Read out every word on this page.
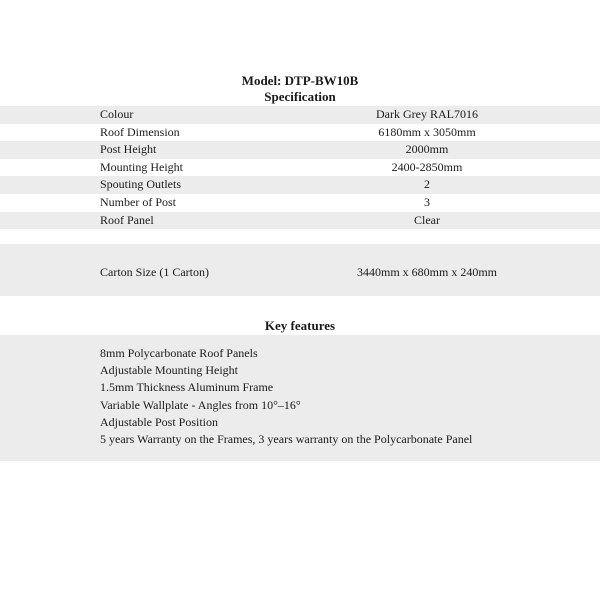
Model: DTP-BW10B
Specification
Colour	Dark Grey RAL7016
Roof Dimension	6180mm x 3050mm
Post Height	2000mm
Mounting Height	2400-2850mm
Spouting Outlets	2
Number of Post	3
Roof Panel	Clear
Carton Size (1 Carton)	3440mm x 680mm x 240mm
Key features
8mm Polycarbonate Roof Panels
Adjustable Mounting Height
1.5mm Thickness Aluminum Frame
Variable Wallplate - Angles from 10°–16°
Adjustable Post Position
5 years Warranty on the Frames, 3 years warranty on the Polycarbonate Panel
